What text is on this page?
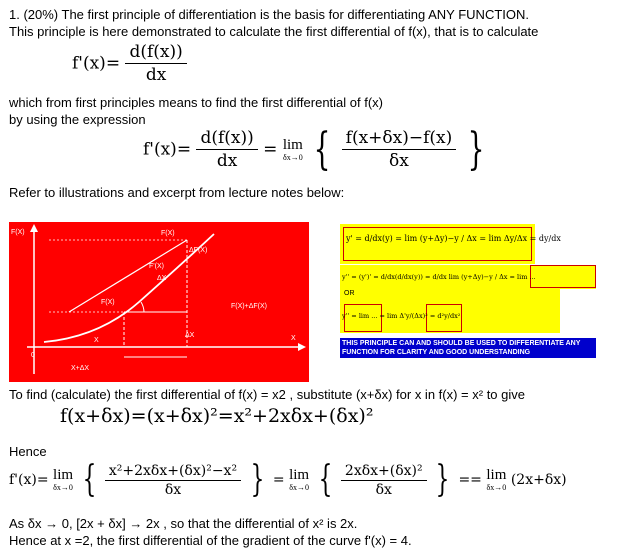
1. (20%) The first principle of differentiation is the basis for differentiating ANY FUNCTION.
This principle is here demonstrated to calculate the first differential of f(x), that is to calculate
$f'(x)= \frac{d(f(x))}{dx}$
which from first principles means to find the first differential of f(x)
by using the expression
$f'(x)= \frac{d(f(x))}{dx} = \lim$
δx→0 { $\frac{f(x+\delta x)-f(x)}{\delta x}$ }
Refer to illustrations and excerpt from lecture notes below:
F(X)	F(X)
ΔF(X)
F'(X)
ΔX
F(X)
F(X)+ΔF(X)
0
X
ΔX	X
X+ΔX
y' = d/dx(y) = lim (y+Δy)−y / Δx = lim Δy/Δx = dy/dx
y'' = (y')' = d/dx(d/dx(y)) = d/dx lim (y+Δy)−y / Δx = lim ...
OR
y'' = lim ... = lim Δ'y/(Δx)² = d²y/dx²
THIS PRINCIPLE CAN AND SHOULD BE USED TO DIFFERENTIATE ANY FUNCTION FOR CLARITY AND GOOD UNDERSTANDING
To find (calculate) the first differential of f(x) = x2 , substitute (x+δx) for x in f(x) = x² to give
f(x+δx)=(x+δx)²=x²+2xδx+(δx)²
Hence
f'(x)= lim
δx→0 { $\frac{\text{x²+2xδx+(δx)²−x²}}{\delta x}$ } = lim
δx→0 { $\frac{\text{2xδx+(δx)²}}{\delta x}$ } == lim
δx→0 (2x+δx)
As δx → 0, [2x + δx] → 2x , so that the differential of x² is 2x.
Hence at x =2, the first differential of the gradient of the curve f'(x) = 4.
